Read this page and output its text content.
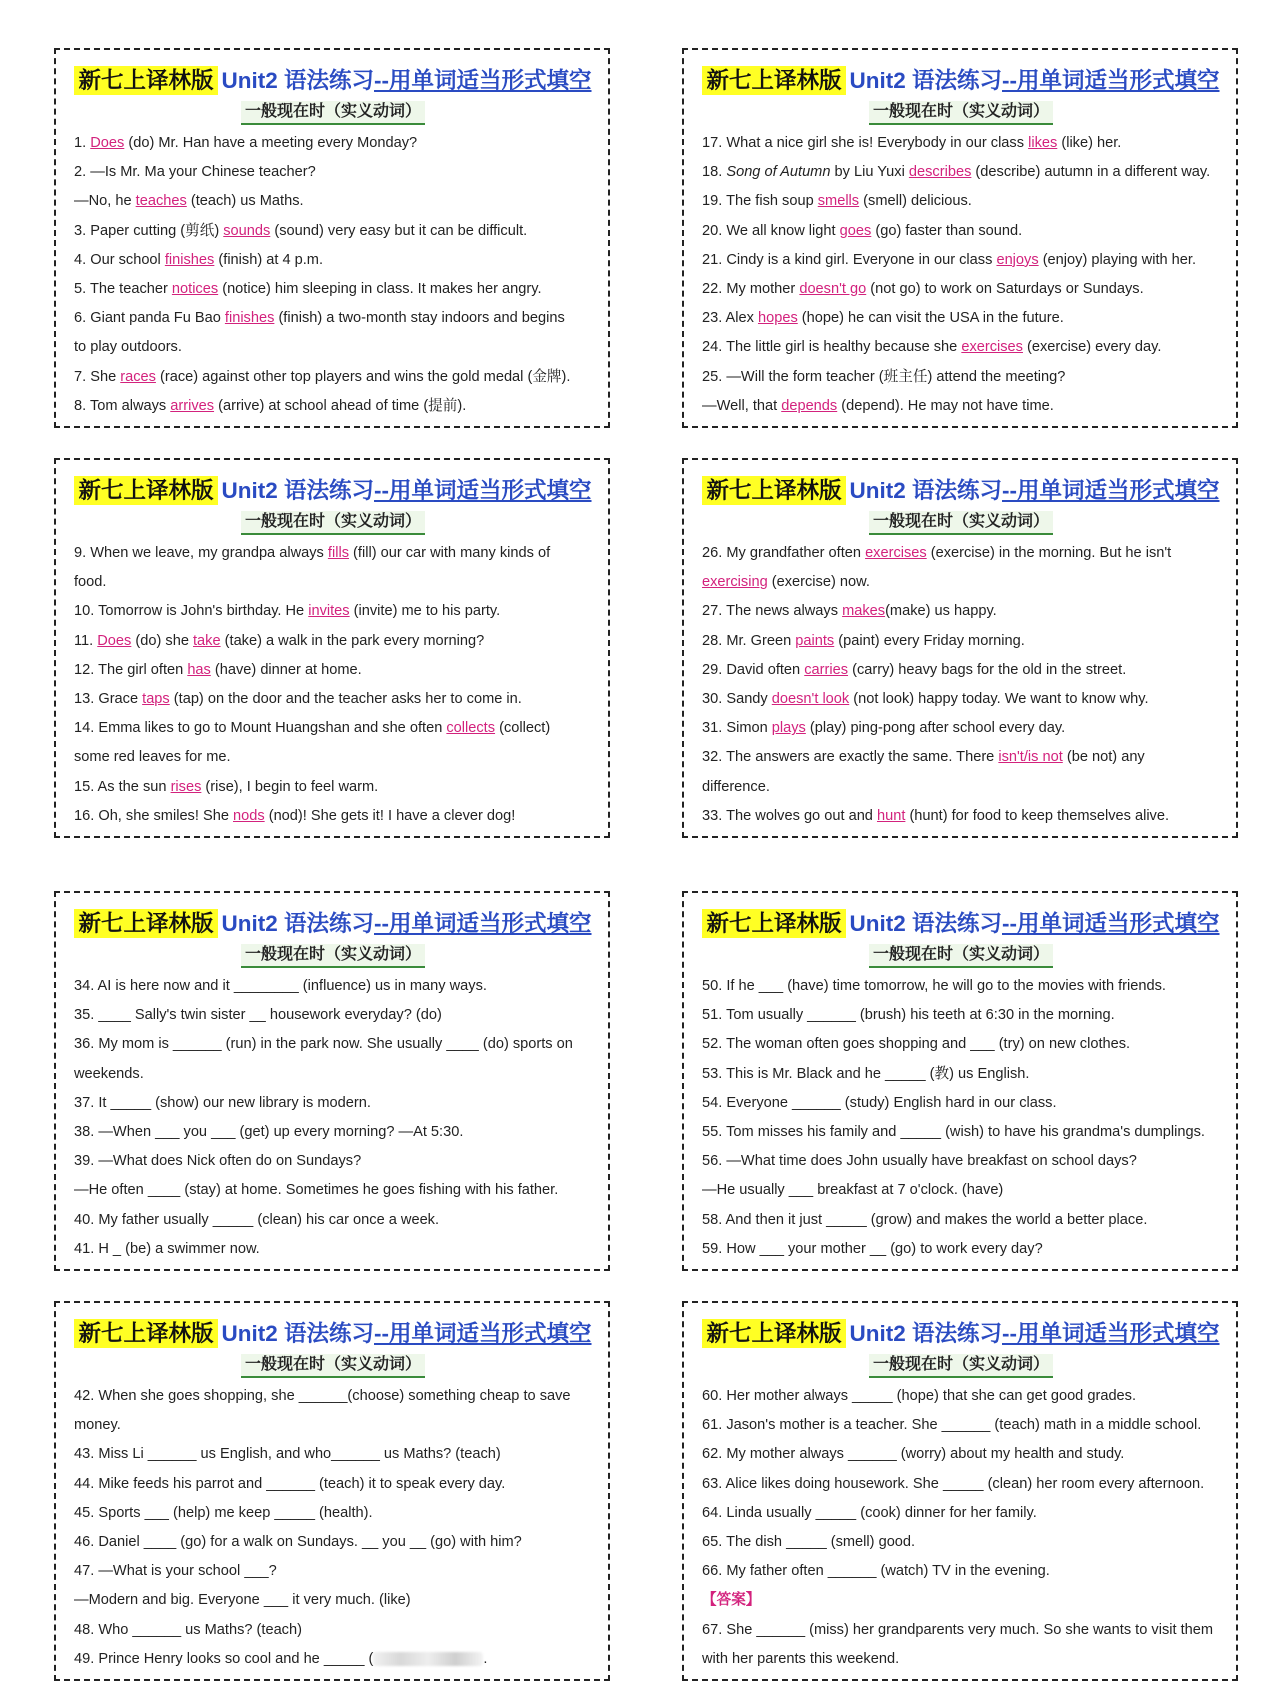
新七上译林版 Unit2 语法练习--用单词适当形式填空
一般现在时（实义动词）
1. Does (do) Mr. Han have a meeting every Monday?
2. —Is Mr. Ma your Chinese teacher?
—No, he teaches (teach) us Maths.
3. Paper cutting (剪纸) sounds (sound) very easy but it can be difficult.
4. Our school finishes (finish) at 4 p.m.
5. The teacher notices (notice) him sleeping in class. It makes her angry.
6. Giant panda Fu Bao finishes (finish) a two-month stay indoors and begins
to play outdoors.
7. She races (race) against other top players and wins the gold medal (金牌).
8. Tom always arrives (arrive) at school ahead of time (提前).
新七上译林版 Unit2 语法练习--用单词适当形式填空
一般现在时（实义动词）
17. What a nice girl she is! Everybody in our class likes (like) her.
18. Song of Autumn by Liu Yuxi describes (describe) autumn in a different way.
19. The fish soup smells (smell) delicious.
20. We all know light goes (go) faster than sound.
21. Cindy is a kind girl. Everyone in our class enjoys (enjoy) playing with her.
22. My mother doesn't go (not go) to work on Saturdays or Sundays.
23. Alex hopes (hope) he can visit the USA in the future.
24. The little girl is healthy because she exercises (exercise) every day.
25. —Will the form teacher (班主任) attend the meeting?
—Well, that depends (depend). He may not have time.
新七上译林版 Unit2 语法练习--用单词适当形式填空
一般现在时（实义动词）
9. When we leave, my grandpa always fills (fill) our car with many kinds of
food.
10. Tomorrow is John's birthday. He invites (invite) me to his party.
11. Does (do) she take (take) a walk in the park every morning?
12. The girl often has (have) dinner at home.
13. Grace taps (tap) on the door and the teacher asks her to come in.
14. Emma likes to go to Mount Huangshan and she often collects (collect)
some red leaves for me.
15. As the sun rises (rise), I begin to feel warm.
16. Oh, she smiles! She nods (nod)! She gets it! I have a clever dog!
新七上译林版 Unit2 语法练习--用单词适当形式填空
一般现在时（实义动词）
26. My grandfather often exercises (exercise) in the morning. But he isn't
exercising (exercise) now.
27. The news always makes(make) us happy.
28. Mr. Green paints (paint) every Friday morning.
29. David often carries (carry) heavy bags for the old in the street.
30. Sandy doesn't look (not look) happy today. We want to know why.
31. Simon plays (play) ping-pong after school every day.
32. The answers are exactly the same. There isn't/is not (be not) any
difference.
33. The wolves go out and hunt (hunt) for food to keep themselves alive.
新七上译林版 Unit2 语法练习--用单词适当形式填空
一般现在时（实义动词）
34. AI is here now and it ________ (influence) us in many ways.
35. ____ Sally's twin sister __ housework everyday? (do)
36. My mom is ______ (run) in the park now. She usually ____ (do) sports on
weekends.
37. It _____ (show) our new library is modern.
38. —When ___ you ___ (get) up every morning? —At 5:30.
39. —What does Nick often do on Sundays?
—He often ____ (stay) at home. Sometimes he goes fishing with his father.
40. My father usually _____ (clean) his car once a week.
41. H _ (be) a swimmer now.
新七上译林版 Unit2 语法练习--用单词适当形式填空
一般现在时（实义动词）
50. If he ___ (have) time tomorrow, he will go to the movies with friends.
51. Tom usually ______ (brush) his teeth at 6:30 in the morning.
52. The woman often goes shopping and ___ (try) on new clothes.
53. This is Mr. Black and he _____ (教) us English.
54. Everyone ______ (study) English hard in our class.
55. Tom misses his family and _____ (wish) to have his grandma's dumplings.
56. —What time does John usually have breakfast on school days?
—He usually ___ breakfast at 7 o'clock. (have)
58. And then it just _____ (grow) and makes the world a better place.
59. How ___ your mother __ (go) to work every day?
新七上译林版 Unit2 语法练习--用单词适当形式填空
一般现在时（实义动词）
42. When she goes shopping, she ______(choose) something cheap to save
money.
43. Miss Li ______ us English, and who______ us Maths? (teach)
44. Mike feeds his parrot and ______ (teach) it to speak every day.
45. Sports ___ (help) me keep _____ (health).
46. Daniel ____ (go) for a walk on Sundays. __ you __ (go) with him?
47. —What is your school ___?
—Modern and big. Everyone ___ it very much. (like)
48. Who ______ us Maths? (teach)
49. Prince Henry looks so cool and he _____ (	.
新七上译林版 Unit2 语法练习--用单词适当形式填空
一般现在时（实义动词）
60. Her mother always _____ (hope) that she can get good grades.
61. Jason's mother is a teacher. She ______ (teach) math in a middle school.
62. My mother always ______ (worry) about my health and study.
63. Alice likes doing housework. She _____ (clean) her room every afternoon.
64. Linda usually _____ (cook) dinner for her family.
65. The dish _____ (smell) good.
66. My father often ______ (watch) TV in the evening.
【答案】
67. She ______ (miss) her grandparents very much. So she wants to visit them
with her parents this weekend.
